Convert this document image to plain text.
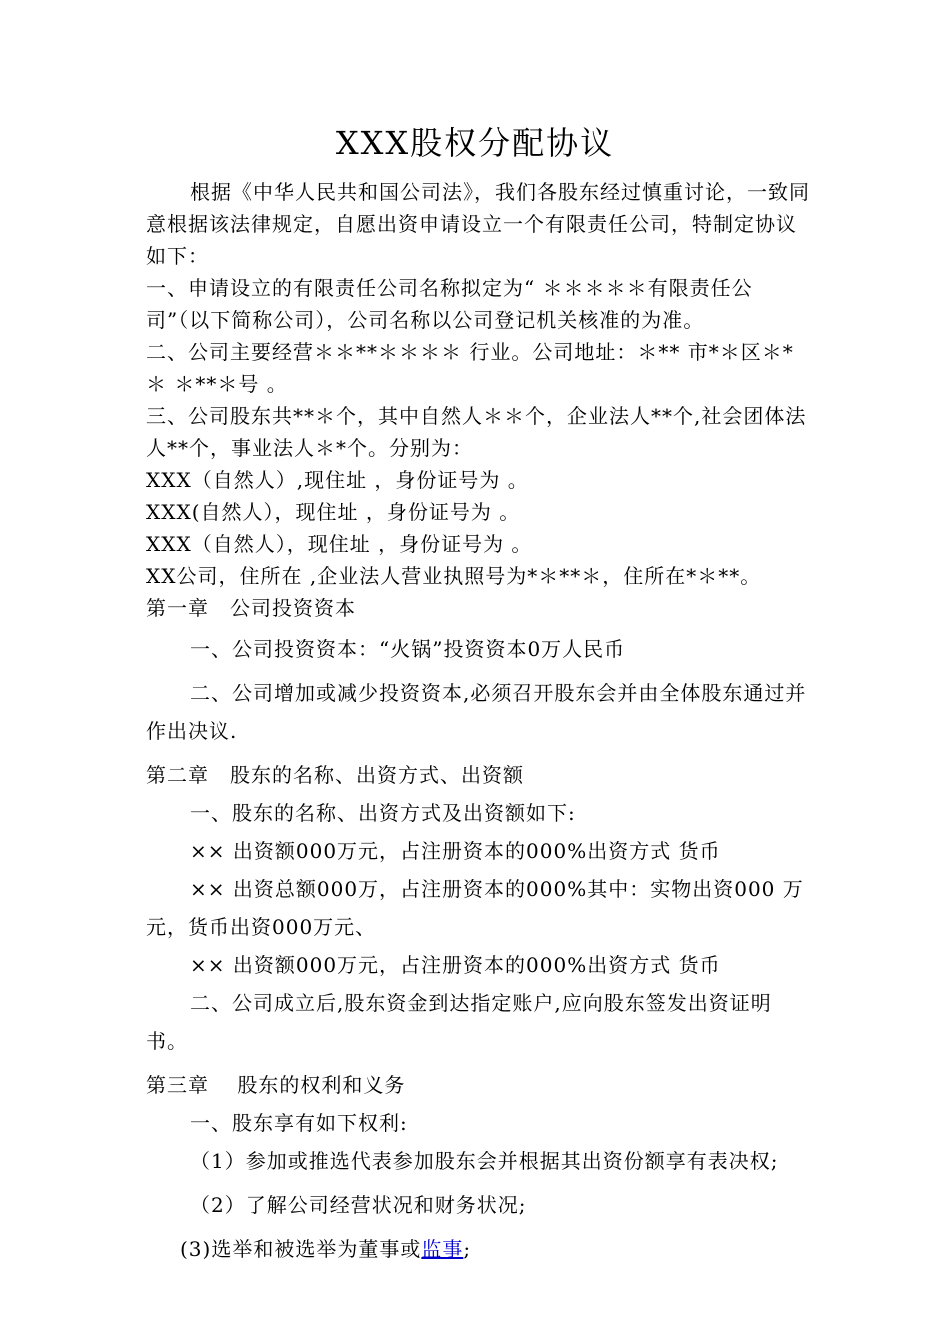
XXX股权分配协议

根据《中华人民共和国公司法》，我们各股东经过慎重讨论，一致同意根据该法律规定，自愿出资申请设立一个有限责任公司，特制定协议如下：

一、申请设立的有限责任公司名称拟定为“ ＊＊＊＊＊有限责任公司”（以下简称公司），公司名称以公司登记机关核准的为准。

二、公司主要经营＊＊**＊＊＊＊ 行业。公司地址：＊** 市*＊区＊*＊ ＊**＊号 。

三、公司股东共**＊个，其中自然人＊＊个，企业法人**个,社会团体法人**个，事业法人＊*个。分别为：

XXX（自然人）,现住址 ，身份证号为 。

XXX(自然人），现住址 ，身份证号为 。

XXX（自然人），现住址 ，身份证号为 。

XX公司，住所在 ,企业法人营业执照号为*＊**＊，住所在*＊**。

第一章　公司投资资本

一、公司投资资本：“火锅”投资资本0万人民币

二、公司增加或减少投资资本,必须召开股东会并由全体股东通过并作出决议.

第二章　股东的名称、出资方式、出资额

一、股东的名称、出资方式及出资额如下:

×× 出资额000万元，占注册资本的000%出资方式 货币

×× 出资总额000万，占注册资本的000%其中：实物出资000 万元，货币出资000万元、

×× 出资额000万元，占注册资本的000%出资方式 货币

二、公司成立后,股东资金到达指定账户,应向股东签发出资证明书。

第三章　 股东的权利和义务

一、股东享有如下权利:

（1）参加或推选代表参加股东会并根据其出资份额享有表决权;

（2）了解公司经营状况和财务状况;

(3)选举和被选举为董事或监事;
